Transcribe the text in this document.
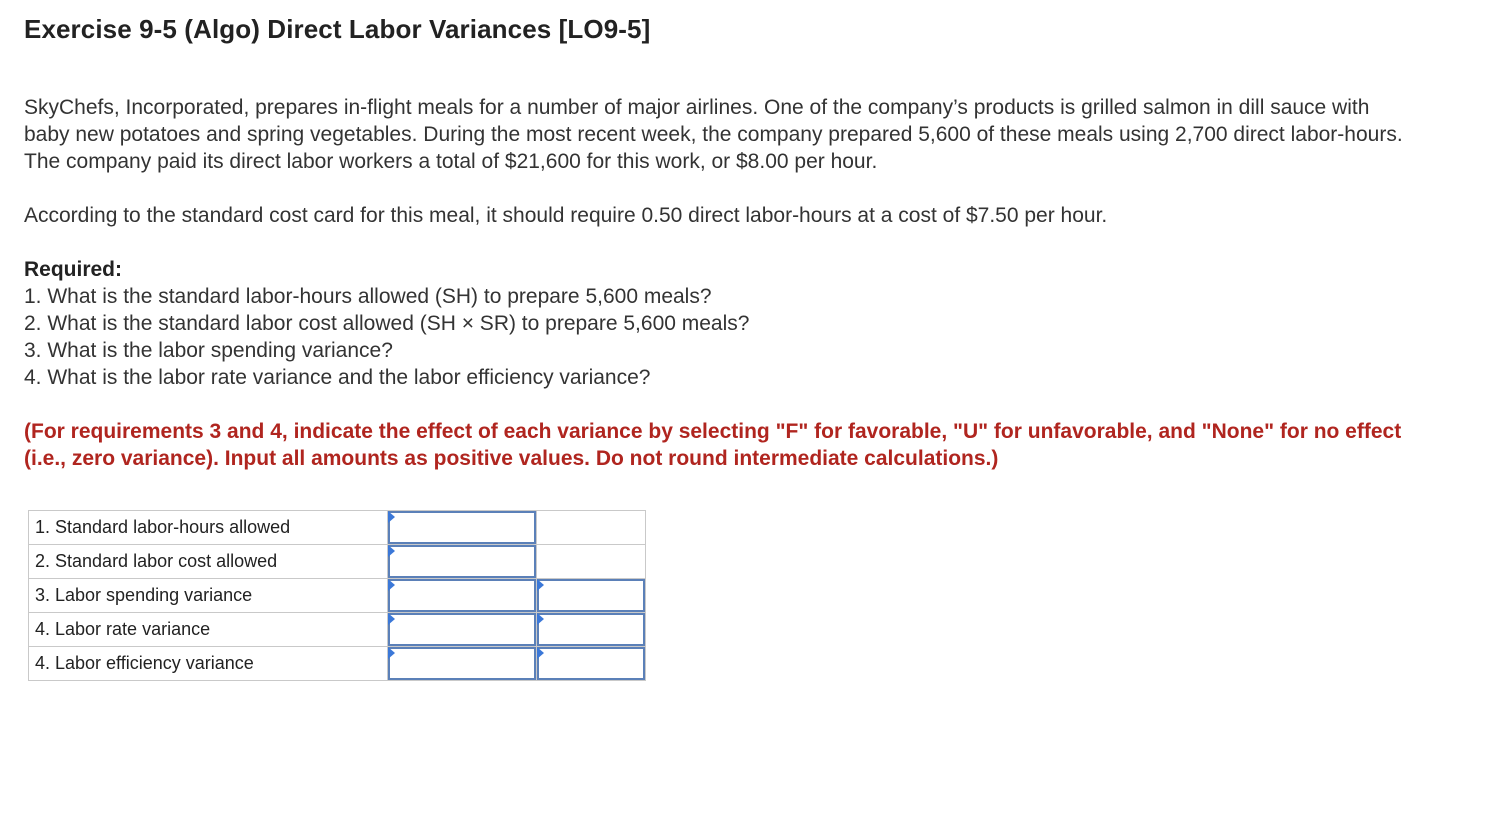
Exercise 9-5 (Algo) Direct Labor Variances [LO9-5]

SkyChefs, Incorporated, prepares in-flight meals for a number of major airlines. One of the company’s products is grilled salmon in dill sauce with baby new potatoes and spring vegetables. During the most recent week, the company prepared 5,600 of these meals using 2,700 direct labor-hours. The company paid its direct labor workers a total of $21,600 for this work, or $8.00 per hour.

According to the standard cost card for this meal, it should require 0.50 direct labor-hours at a cost of $7.50 per hour.

Required:
1. What is the standard labor-hours allowed (SH) to prepare 5,600 meals?
2. What is the standard labor cost allowed (SH × SR) to prepare 5,600 meals?
3. What is the labor spending variance?
4. What is the labor rate variance and the labor efficiency variance?

(For requirements 3 and 4, indicate the effect of each variance by selecting "F" for favorable, "U" for unfavorable, and "None" for no effect (i.e., zero variance). Input all amounts as positive values. Do not round intermediate calculations.)

1. Standard labor-hours allowed	

2. Standard labor cost allowed	

3. Labor spending variance	

4. Labor rate variance	

4. Labor efficiency variance	
